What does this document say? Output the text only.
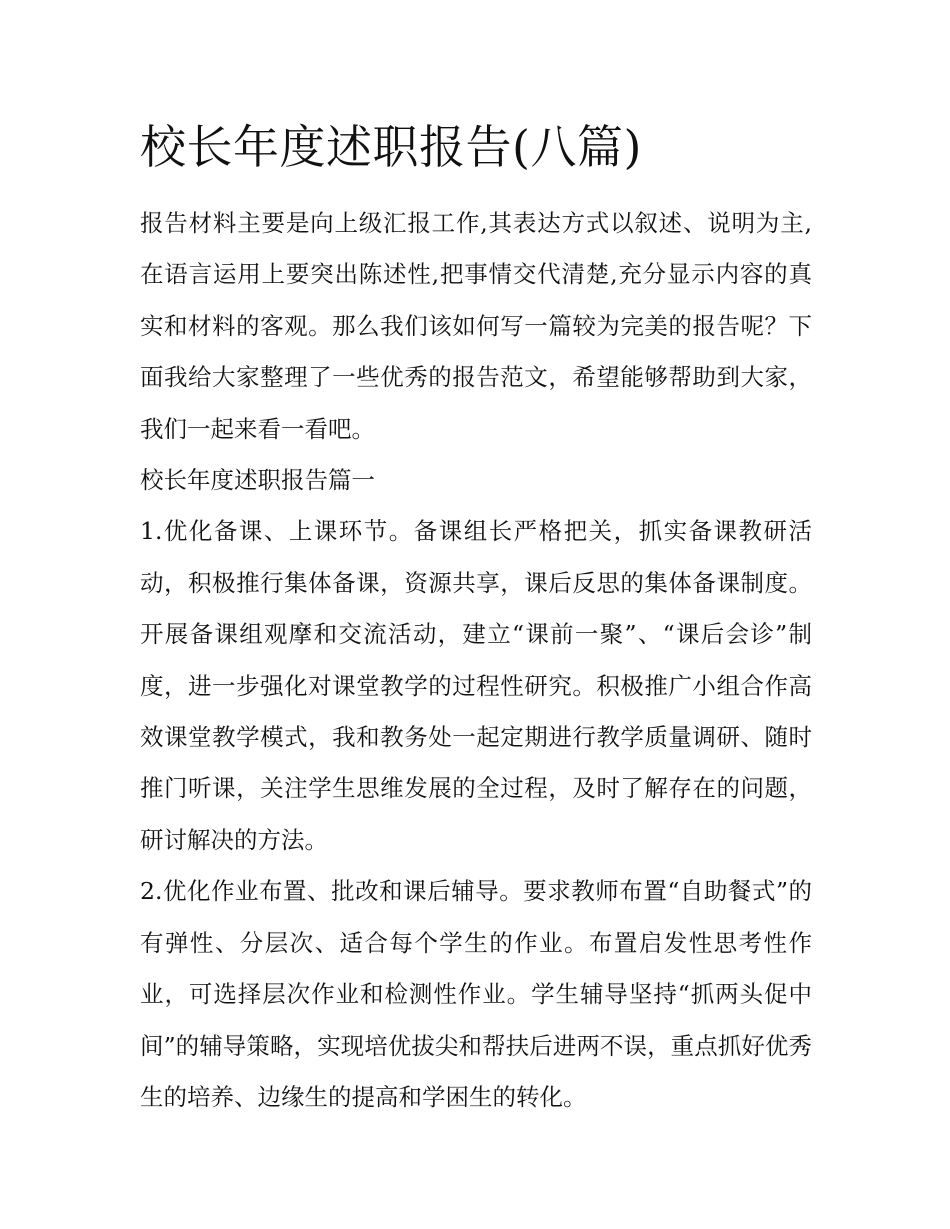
校长年度述职报告(八篇)

报告材料主要是向上级汇报工作,其表达方式以叙述、说明为主,在语言运用上要突出陈述性,把事情交代清楚,充分显示内容的真实和材料的客观。那么我们该如何写一篇较为完美的报告呢？下面我给大家整理了一些优秀的报告范文，希望能够帮助到大家，我们一起来看一看吧。

校长年度述职报告篇一

1.优化备课、上课环节。备课组长严格把关，抓实备课教研活动，积极推行集体备课，资源共享，课后反思的集体备课制度。开展备课组观摩和交流活动，建立“课前一聚”、“课后会诊”制度，进一步强化对课堂教学的过程性研究。积极推广小组合作高效课堂教学模式，我和教务处一起定期进行教学质量调研、随时推门听课，关注学生思维发展的全过程，及时了解存在的问题，研讨解决的方法。

2.优化作业布置、批改和课后辅导。要求教师布置“自助餐式”的有弹性、分层次、适合每个学生的作业。布置启发性思考性作业，可选择层次作业和检测性作业。学生辅导坚持“抓两头促中间”的辅导策略，实现培优拔尖和帮扶后进两不误，重点抓好优秀生的培养、边缘生的提高和学困生的转化。
